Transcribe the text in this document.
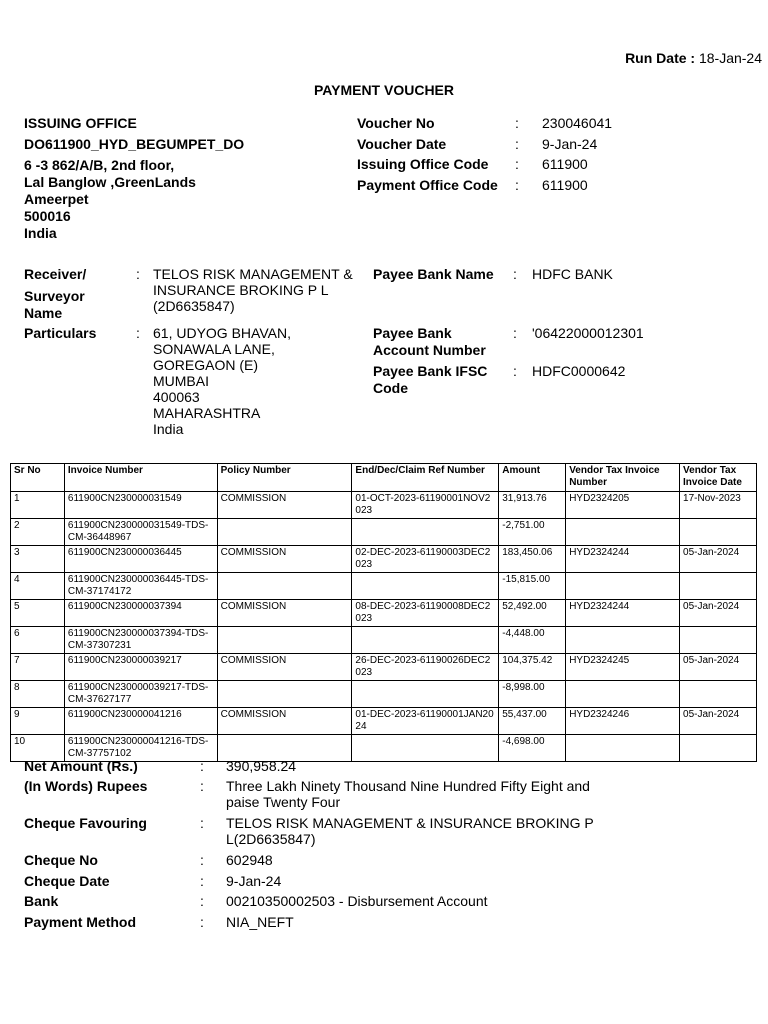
Run Date : 18-Jan-24
PAYMENT VOUCHER
ISSUING OFFICE
DO611900_HYD_BEGUMPET_DO
6 -3 862/A/B, 2nd floor,
Lal Banglow ,GreenLands
Ameerpet
500016
India
Voucher No	: 230046041
Voucher Date	: 9-Jan-24
Issuing Office Code	: 611900
Payment Office Code	: 611900
Receiver/
Surveyor
Name
: TELOS RISK MANAGEMENT &
INSURANCE BROKING P L
(2D6635847)
Particulars	: 61, UDYOG BHAVAN,
SONAWALA LANE,
GOREGAON (E)
MUMBAI
400063
MAHARASHTRA
India
Payee Bank Name : HDFC BANK
Payee Bank
Account Number
: '06422000012301
Payee Bank IFSC
Code
: HDFC0000642
Sr No	Invoice Number	Policy Number	End/Dec/Claim Ref Number	Amount	Vendor Tax Invoice Number	Vendor Tax Invoice Date
1	611900CN230000031549	COMMISSION	01-OCT-2023-61190001NOV2023	31,913.76	HYD2324205	17-Nov-2023
2	611900CN230000031549-TDS-CM-36448967			-2,751.00		
3	611900CN230000036445	COMMISSION	02-DEC-2023-61190003DEC2023	183,450.06	HYD2324244	05-Jan-2024
4	611900CN230000036445-TDS-CM-37174172			-15,815.00		
5	611900CN230000037394	COMMISSION	08-DEC-2023-61190008DEC2023	52,492.00	HYD2324244	05-Jan-2024
6	611900CN230000037394-TDS-CM-37307231			-4,448.00		
7	611900CN230000039217	COMMISSION	26-DEC-2023-61190026DEC2023	104,375.42	HYD2324245	05-Jan-2024
8	611900CN230000039217-TDS-CM-37627177			-8,998.00		
9	611900CN230000041216	COMMISSION	01-DEC-2023-61190001JAN2024	55,437.00	HYD2324246	05-Jan-2024
10	611900CN230000041216-TDS-CM-37757102			-4,698.00		
Net Amount (Rs.)	: 390,958.24
(In Words) Rupees	: Three Lakh Ninety Thousand Nine Hundred Fifty Eight and paise Twenty Four
Cheque Favouring	: TELOS RISK MANAGEMENT & INSURANCE BROKING P L(2D6635847)
Cheque No	: 602948
Cheque Date	: 9-Jan-24
Bank	: 00210350002503 - Disbursement Account
Payment Method	: NIA_NEFT
